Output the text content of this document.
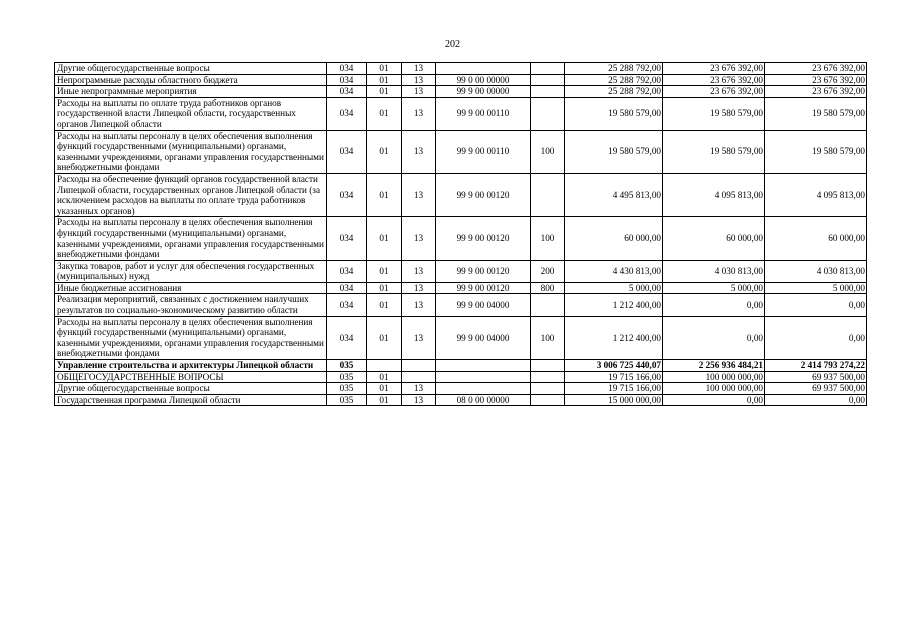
202
Другие общегосударственные вопросы	034	01	13			25 288 792,00	23 676 392,00	23 676 392,00
Непрограммные расходы областного бюджета	034	01	13	99 0 00 00000		25 288 792,00	23 676 392,00	23 676 392,00
Иные непрограммные мероприятия	034	01	13	99 9 00 00000		25 288 792,00	23 676 392,00	23 676 392,00
Расходы на выплаты по оплате труда работников органов государственной власти Липецкой области, государственных органов Липецкой области	034	01	13	99 9 00 00110		19 580 579,00	19 580 579,00	19 580 579,00
Расходы на выплаты персоналу в целях обеспечения выполнения функций государственными (муниципальными) органами, казенными учреждениями, органами управления государственными внебюджетными фондами	034	01	13	99 9 00 00110	100	19 580 579,00	19 580 579,00	19 580 579,00
Расходы на обеспечение функций органов государственной власти Липецкой области, государственных органов Липецкой области (за исключением расходов на выплаты по оплате труда работников указанных органов)	034	01	13	99 9 00 00120		4 495 813,00	4 095 813,00	4 095 813,00
Расходы на выплаты персоналу в целях обеспечения выполнения функций государственными (муниципальными) органами, казенными учреждениями, органами управления государственными внебюджетными фондами	034	01	13	99 9 00 00120	100	60 000,00	60 000,00	60 000,00
Закупка товаров, работ и услуг для обеспечения государственных (муниципальных) нужд	034	01	13	99 9 00 00120	200	4 430 813,00	4 030 813,00	4 030 813,00
Иные бюджетные ассигнования	034	01	13	99 9 00 00120	800	5 000,00	5 000,00	5 000,00
Реализация мероприятий, связанных с достижением наилучших результатов по социально-экономическому развитию области	034	01	13	99 9 00 04000		1 212 400,00	0,00	0,00
Расходы на выплаты персоналу в целях обеспечения выполнения функций государственными (муниципальными) органами, казенными учреждениями, органами управления государственными внебюджетными фондами	034	01	13	99 9 00 04000	100	1 212 400,00	0,00	0,00
Управление строительства и архитектуры Липецкой области	035					3 006 725 440,07	2 256 936 484,21	2 414 793 274,22
ОБЩЕГОСУДАРСТВЕННЫЕ ВОПРОСЫ	035	01				19 715 166,00	100 000 000,00	69 937 500,00
Другие общегосударственные вопросы	035	01	13			19 715 166,00	100 000 000,00	69 937 500,00
Государственная программа Липецкой области	035	01	13	08 0 00 00000		15 000 000,00	0,00	0,00
